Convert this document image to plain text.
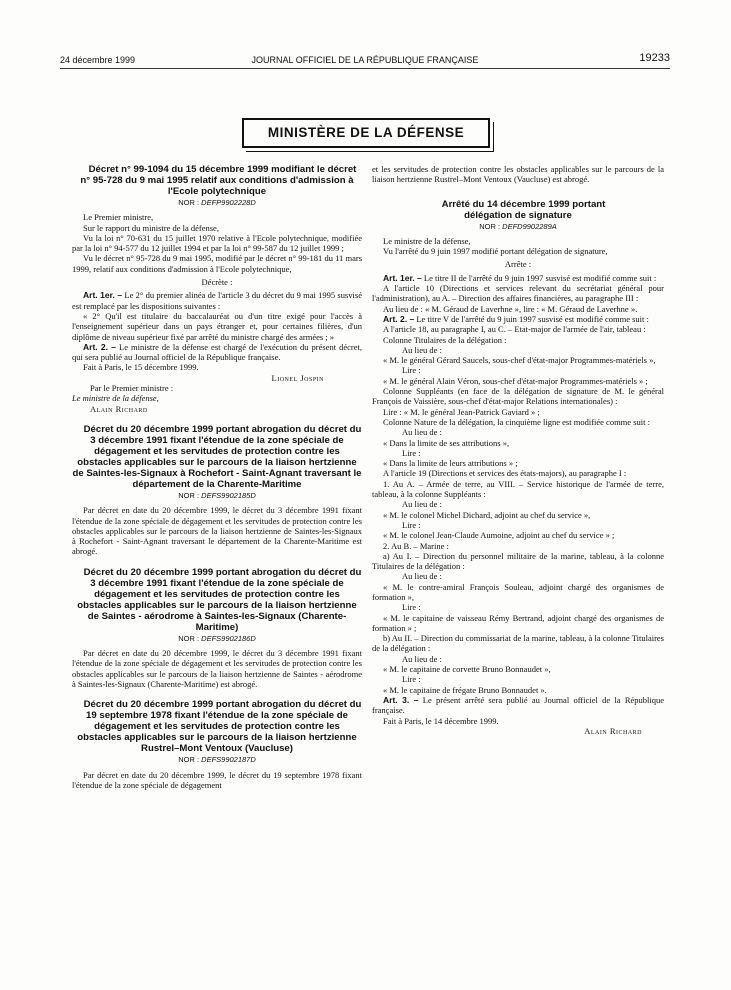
24 décembre 1999	JOURNAL OFFICIEL DE LA RÉPUBLIQUE FRANÇAISE	19233
MINISTÈRE DE LA DÉFENSE

Décret n° 99-1094 du 15 décembre 1999 modifiant le décret n° 95-728 du 9 mai 1995 relatif aux conditions d'admission à l'Ecole polytechnique

NOR : DEFP9902228D

Le Premier ministre,

Sur le rapport du ministre de la défense,

Vu la loi n° 70-631 du 15 juillet 1970 relative à l'Ecole polytechnique, modifiée par la loi n° 94-577 du 12 juillet 1994 et par la loi n° 99-587 du 12 juillet 1999 ;

Vu le décret n° 95-728 du 9 mai 1995, modifié par le décret n° 99-181 du 11 mars 1999, relatif aux conditions d'admission à l'Ecole polytechnique,

Décrète :

Art. 1er. – Le 2° du premier alinéa de l'article 3 du décret du 9 mai 1995 susvisé est remplacé par les dispositions suivantes :

« 2° Qu'il est titulaire du baccalauréat ou d'un titre exigé pour l'accès à l'enseignement supérieur dans un pays étranger et, pour certaines filières, d'un diplôme de niveau supérieur fixé par arrêté du ministre chargé des armées ; »

Art. 2. – Le ministre de la défense est chargé de l'exécution du présent décret, qui sera publié au Journal officiel de la République française.

Fait à Paris, le 15 décembre 1999.

Lionel Jospin

Par le Premier ministre :

Le ministre de la défense,

Alain Richard

Décret du 20 décembre 1999 portant abrogation du décret du 3 décembre 1991 fixant l'étendue de la zone spéciale de dégagement et les servitudes de protection contre les obstacles applicables sur le parcours de la liaison hertzienne de Saintes-les-Signaux à Rochefort - Saint-Agnant traversant le département de la Charente-Maritime

NOR : DEFS9902185D

Par décret en date du 20 décembre 1999, le décret du 3 décembre 1991 fixant l'étendue de la zone spéciale de dégagement et les servitudes de protection contre les obstacles applicables sur le parcours de la liaison hertzienne de Saintes-les-Signaux à Rochefort - Saint-Agnant traversant le département de la Charente-Maritime est abrogé.

Décret du 20 décembre 1999 portant abrogation du décret du 3 décembre 1991 fixant l'étendue de la zone spéciale de dégagement et les servitudes de protection contre les obstacles applicables sur le parcours de la liaison hertzienne de Saintes - aérodrome à Saintes-les-Signaux (Charente-Maritime)

NOR : DEFS9902186D

Par décret en date du 20 décembre 1999, le décret du 3 décembre 1991 fixant l'étendue de la zone spéciale de dégagement et les servitudes de protection contre les obstacles applicables sur le parcours de la liaison hertzienne de Saintes - aérodrome à Saintes-les-Signaux (Charente-Maritime) est abrogé.

Décret du 20 décembre 1999 portant abrogation du décret du 19 septembre 1978 fixant l'étendue de la zone spéciale de dégagement et les servitudes de protection contre les obstacles applicables sur le parcours de la liaison hertzienne Rustrel–Mont Ventoux (Vaucluse)

NOR : DEFS9902187D

Par décret en date du 20 décembre 1999, le décret du 19 septembre 1978 fixant l'étendue de la zone spéciale de dégagement

et les servitudes de protection contre les obstacles applicables sur le parcours de la liaison hertzienne Rustrel–Mont Ventoux (Vaucluse) est abrogé.

Arrêté du 14 décembre 1999 portant délégation de signature

NOR : DEFD9902289A

Le ministre de la défense,

Vu l'arrêté du 9 juin 1997 modifié portant délégation de signature,

Arrête :

Art. 1er. – Le titre II de l'arrêté du 9 juin 1997 susvisé est modifié comme suit :

A l'article 10 (Directions et services relevant du secrétariat général pour l'administration), au A. – Direction des affaires financières, au paragraphe III :

Au lieu de : « M. Géraud de Laverhne », lire : « M. Géraud de Laverhne ».

Art. 2. – Le titre V de l'arrêté du 9 juin 1997 susvisé est modifié comme suit :

A l'article 18, au paragraphe I, au C. – Etat-major de l'armée de l'air, tableau :

Colonne Titulaires de la délégation :

Au lieu de :

« M. le général Gérard Saucels, sous-chef d'état-major Programmes-matériels »,

Lire :

« M. le général Alain Véron, sous-chef d'état-major Programmes-matériels » ;

Colonne Suppléants (en face de la délégation de signature de M. le général François de Vaissière, sous-chef d'état-major Relations internationales) :

Lire : « M. le général Jean-Patrick Gaviard » ;

Colonne Nature de la délégation, la cinquième ligne est modifiée comme suit :

Au lieu de :

« Dans la limite de ses attributions »,

Lire :

« Dans la limite de leurs attributions » ;

A l'article 19 (Directions et services des états-majors), au paragraphe I :

1. Au A. – Armée de terre, au VIII. – Service historique de l'armée de terre, tableau, à la colonne Suppléants :

Au lieu de :

« M. le colonel Michel Dichard, adjoint au chef du service »,

Lire :

« M. le colonel Jean-Claude Aumoine, adjoint au chef du service » ;

2. Au B. – Marine :

a) Au I. – Direction du personnel militaire de la marine, tableau, à la colonne Titulaires de la délégation :

Au lieu de :

« M. le contre-amiral François Souleau, adjoint chargé des organismes de formation »,

Lire :

« M. le capitaine de vaisseau Rémy Bertrand, adjoint chargé des organismes de formation » ;

b) Au II. – Direction du commissariat de la marine, tableau, à la colonne Titulaires de la délégation :

Au lieu de :

« M. le capitaine de corvette Bruno Bonnaudet »,

Lire :

« M. le capitaine de frégate Bruno Bonnaudet ».

Art. 3. – Le présent arrêté sera publié au Journal officiel de la République française.

Fait à Paris, le 14 décembre 1999.

Alain Richard
